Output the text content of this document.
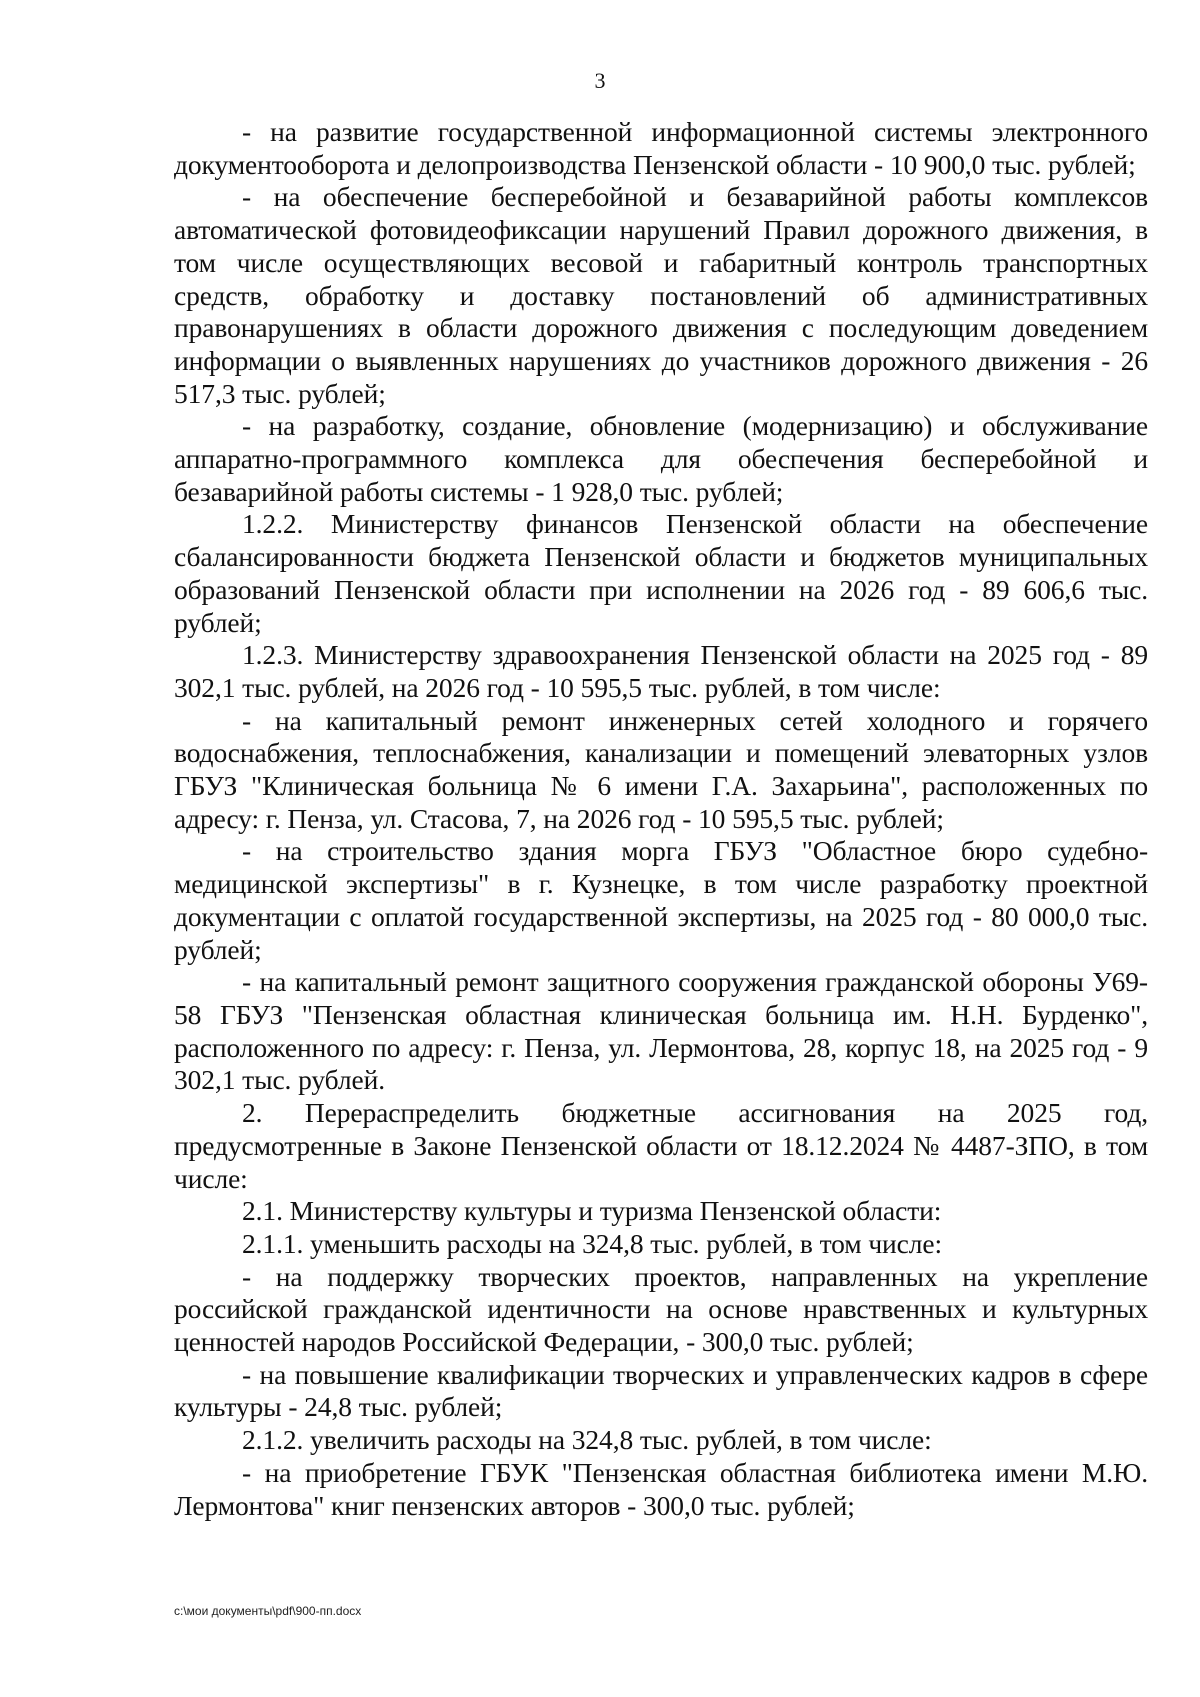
3

- на развитие государственной информационной системы электронного документооборота и делопроизводства Пензенской области - 10 900,0 тыс. рублей;

- на обеспечение бесперебойной и безаварийной работы комплексов автоматической фотовидеофиксации нарушений Правил дорожного движения, в том числе осуществляющих весовой и габаритный контроль транспортных средств, обработку и доставку постановлений об административных правонарушениях в области дорожного движения с последующим доведением информации о выявленных нарушениях до участников дорожного движения - 26 517,3 тыс. рублей;

- на разработку, создание, обновление (модернизацию) и обслуживание аппаратно-программного комплекса для обеспечения бесперебойной и безаварийной работы системы - 1 928,0 тыс. рублей;

1.2.2. Министерству финансов Пензенской области на обеспечение сбалансированности бюджета Пензенской области и бюджетов муниципальных образований Пензенской области при исполнении на 2026 год - 89 606,6 тыс. рублей;

1.2.3. Министерству здравоохранения Пензенской области на 2025 год - 89 302,1 тыс. рублей, на 2026 год - 10 595,5 тыс. рублей, в том числе:

- на капитальный ремонт инженерных сетей холодного и горячего водоснабжения, теплоснабжения, канализации и помещений элеваторных узлов ГБУЗ "Клиническая больница № 6 имени Г.А. Захарьина", расположенных по адресу: г. Пенза, ул. Стасова, 7, на 2026 год - 10 595,5 тыс. рублей;

- на строительство здания морга ГБУЗ "Областное бюро судебно-медицинской экспертизы" в г. Кузнецке, в том числе разработку проектной документации с оплатой государственной экспертизы, на 2025 год - 80 000,0 тыс. рублей;

- на капитальный ремонт защитного сооружения гражданской обороны У69-58 ГБУЗ "Пензенская областная клиническая больница им. Н.Н. Бурденко", расположенного по адресу: г. Пенза, ул. Лермонтова, 28, корпус 18, на 2025 год - 9 302,1 тыс. рублей.

2. Перераспределить бюджетные ассигнования на 2025 год, предусмотренные в Законе Пензенской области от 18.12.2024 № 4487-ЗПО, в том числе:

2.1. Министерству культуры и туризма Пензенской области:

2.1.1. уменьшить расходы на 324,8 тыс. рублей, в том числе:

- на поддержку творческих проектов, направленных на укрепление российской гражданской идентичности на основе нравственных и культурных ценностей народов Российской Федерации, - 300,0 тыс. рублей;

- на повышение квалификации творческих и управленческих кадров в сфере культуры - 24,8 тыс. рублей;

2.1.2. увеличить расходы на 324,8 тыс. рублей, в том числе:

- на приобретение ГБУК "Пензенская областная библиотека имени М.Ю. Лермонтова" книг пензенских авторов - 300,0 тыс. рублей;

c:\мои документы\pdf\900-пп.docx
